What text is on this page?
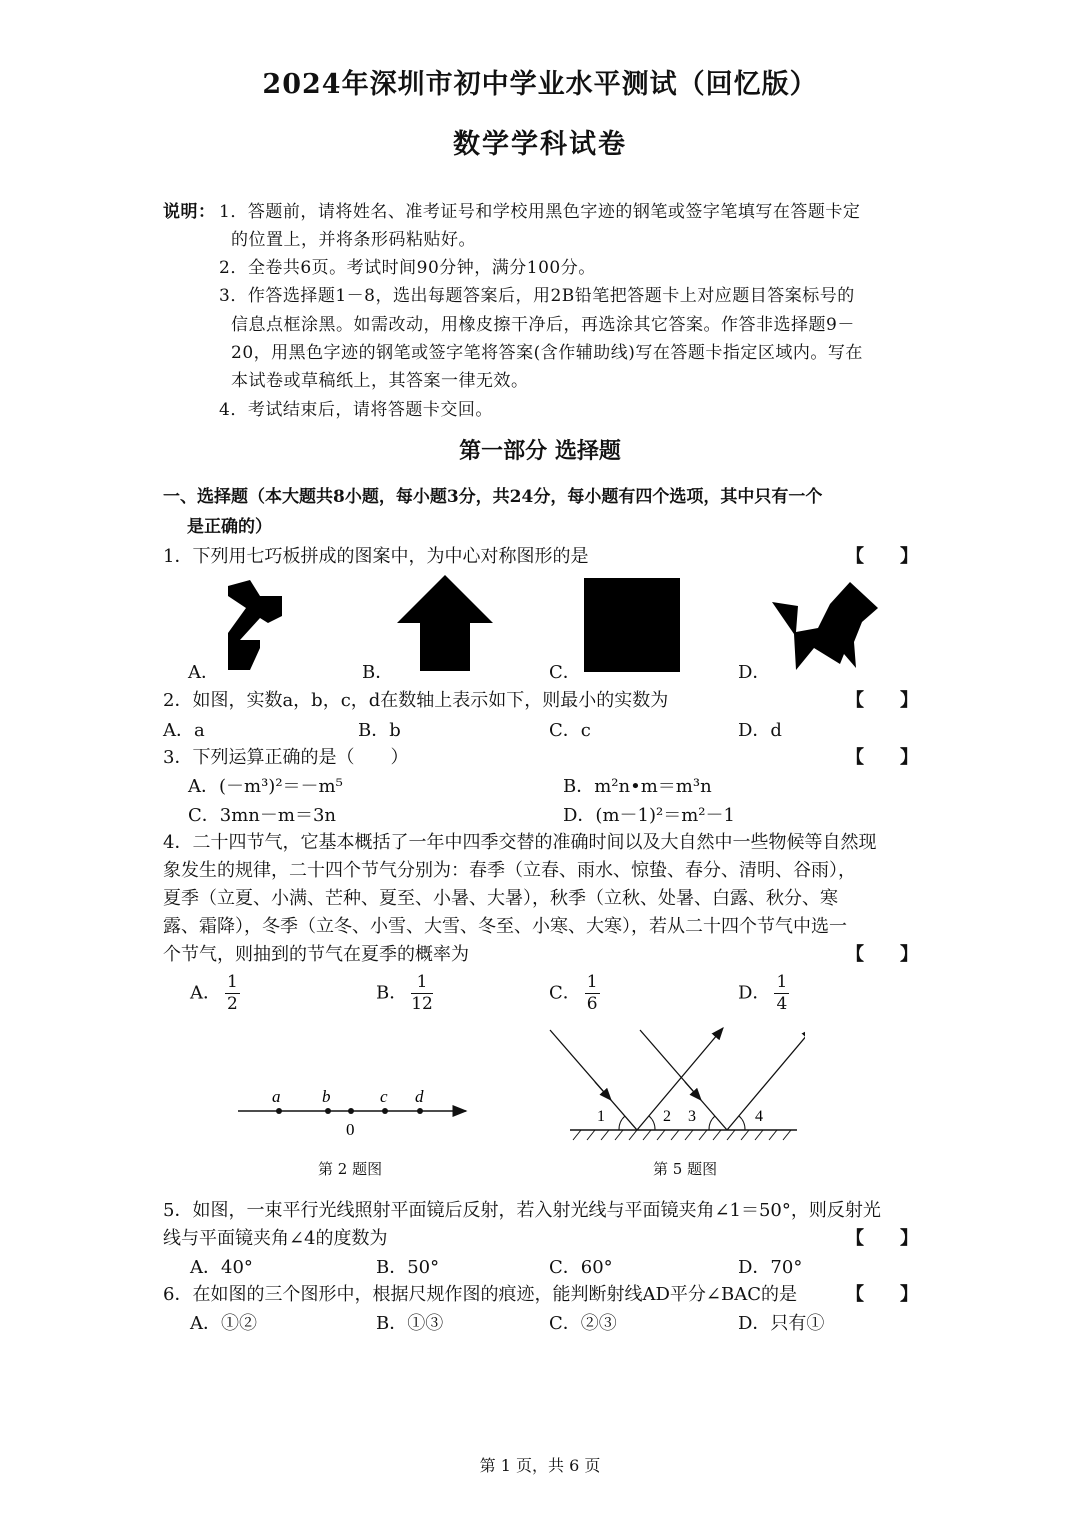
2024年深圳市初中学业水平测试（回忆版）
数学学科试卷
说明： 1．答题前，请将姓名、准考证号和学校用黑色字迹的钢笔或签字笔填写在答题卡定
的位置上，并将条形码粘贴好。
2．全卷共6页。考试时间90分钟，满分100分。
3．作答选择题1－8，选出每题答案后，用2B铅笔把答题卡上对应题目答案标号的
信息点框涂黑。如需改动，用橡皮擦干净后，再选涂其它答案。作答非选择题9－
20，用黑色字迹的钢笔或签字笔将答案(含作辅助线)写在答题卡指定区域内。写在
本试卷或草稿纸上，其答案一律无效。
4．考试结束后，请将答题卡交回。
第一部分 选择题
一、选择题（本大题共8小题，每小题3分，共24分，每小题有四个选项，其中只有一个
是正确的）
1．下列用七巧板拼成的图案中，为中心对称图形的是	【　　】
A．	B．	C．	D．
2．如图，实数a，b，c，d在数轴上表示如下，则最小的实数为	【　　】
A．a	B．b	C．c	D．d
3．下列运算正确的是（　　）	【　　】
A．(－m³)²＝－m⁵	B．m²n•m＝m³n
C．3mn－m＝3n	D．(m－1)²＝m²－1
4．二十四节气，它基本概括了一年中四季交替的准确时间以及大自然中一些物候等自然现
象发生的规律，二十四个节气分别为：春季（立春、雨水、惊蛰、春分、清明、谷雨），
夏季（立夏、小满、芒种、夏至、小暑、大暑），秋季（立秋、处暑、白露、秋分、寒
露、霜降），冬季（立冬、小雪、大雪、冬至、小寒、大寒），若从二十四个节气中选一
个节气，则抽到的节气在夏季的概率为	【　　】
A． $\frac{1}{2}$	B． $\frac{1}{12}$	C． $\frac{1}{6}$	D． $\frac{1}{4}$
a b	c d
0
第 2 题图
1	2 3	4
第 5 题图
5．如图，一束平行光线照射平面镜后反射，若入射光线与平面镜夹角∠1＝50°，则反射光
线与平面镜夹角∠4的度数为	【　　】
A．40°	B．50°	C．60°	D．70°
6．在如图的三个图形中，根据尺规作图的痕迹，能判断射线AD平分∠BAC的是	【　　】
A．①②	B．①③	C．②③	D．只有①
第 1 页，共 6 页
